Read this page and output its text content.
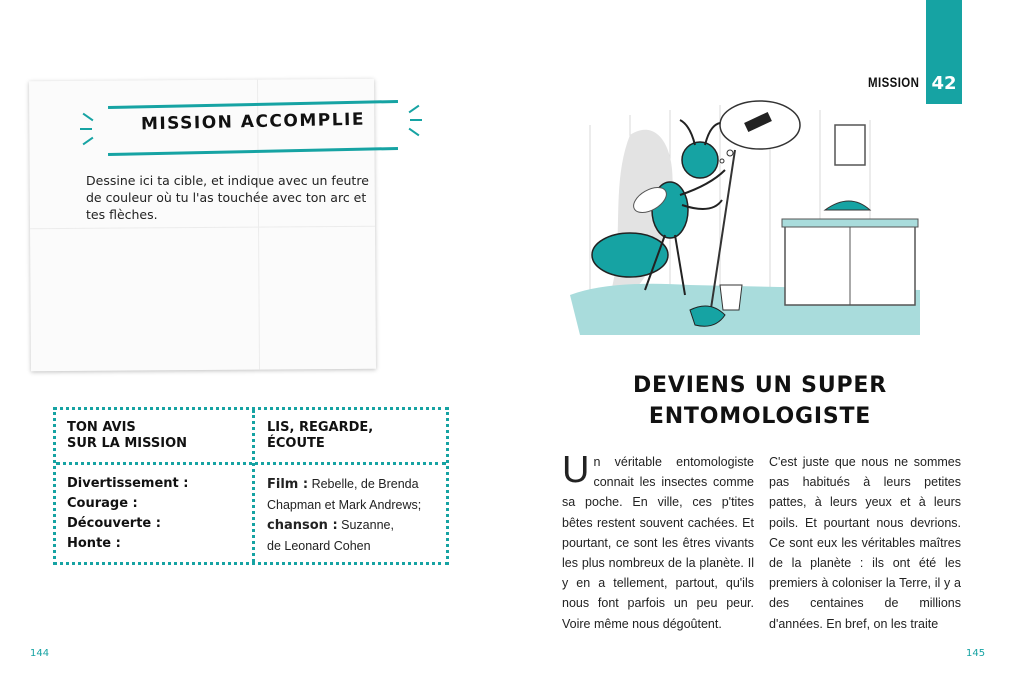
MISSION ACCOMPLIE
Dessine ici ta cible, et indique avec un feutre de couleur où tu l'as touchée avec ton arc et tes flèches.
TON AVIS
SUR LA MISSION
LIS, REGARDE,
ÉCOUTE
Divertissement :
Courage :
Découverte :
Honte :
Film : Rebelle, de Brenda
Chapman et Mark Andrews;
chanson : Suzanne,
de Leonard Cohen
144
42
MISSION
DEVIENS UN SUPER
ENTOMOLOGISTE
Un véritable entomologiste connait les insectes comme sa poche. En ville, ces p'tites bêtes restent souvent cachées. Et pourtant, ce sont les êtres vivants les plus nombreux de la planète. Il y en a tellement, partout, qu'ils nous font parfois un peu peur. Voire même nous dégoûtent.
C'est juste que nous ne sommes pas habitués à leurs petites pattes, à leurs yeux et à leurs poils. Et pourtant nous devrions. Ce sont eux les véritables maîtres de la planète : ils ont été les premiers à coloniser la Terre, il y a des centaines de millions d'années. En bref, on les traite
145
